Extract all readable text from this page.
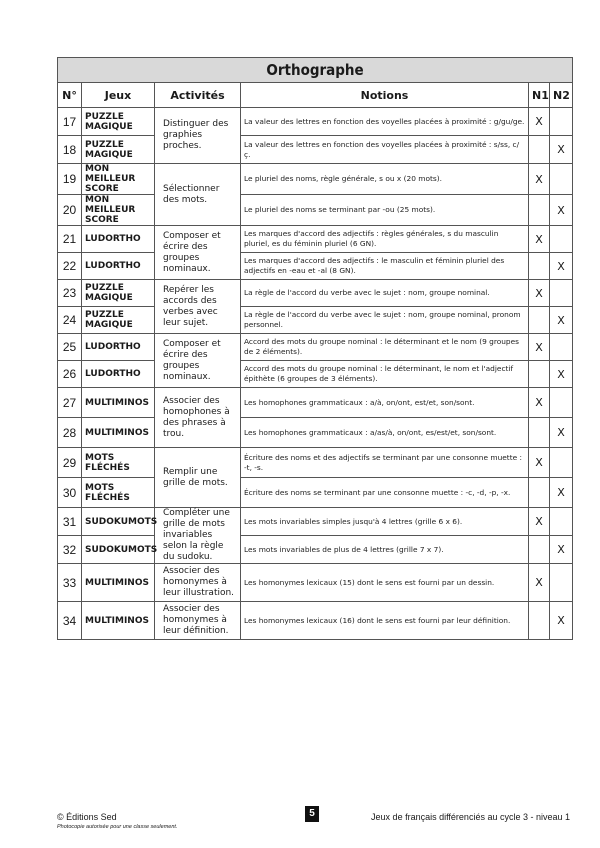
Orthographe					
N°	Jeux	Activités	Notions	N1	N2
17	PUZZLE MAGIQUE	Distinguer des graphies proches.	La valeur des lettres en fonction des voyelles placées à proximité : g/gu/ge.	X	
18	PUZZLE MAGIQUE		La valeur des lettres en fonction des voyelles placées à proximité : s/ss, c/ç.		X
19	MON MEILLEUR SCORE	Sélectionner des mots.	Le pluriel des noms, règle générale, s ou x (20 mots).	X	
20	MON MEILLEUR SCORE		Le pluriel des noms se terminant par -ou (25 mots).		X
21	LUDORTHO	Composer et écrire des groupes nominaux.	Les marques d'accord des adjectifs : règles générales, s du masculin pluriel, es du féminin pluriel (6 GN).	X	
22	LUDORTHO		Les marques d'accord des adjectifs : le masculin et féminin pluriel des adjectifs en -eau et -al (8 GN).		X
23	PUZZLE MAGIQUE	Repérer les accords des verbes avec leur sujet.	La règle de l'accord du verbe avec le sujet : nom, groupe nominal.	X	
24	PUZZLE MAGIQUE		La règle de l'accord du verbe avec le sujet : nom, groupe nominal, pronom personnel.		X
25	LUDORTHO	Composer et écrire des groupes nominaux.	Accord des mots du groupe nominal : le déterminant et le nom (9 groupes de 2 éléments).	X	
26	LUDORTHO		Accord des mots du groupe nominal : le déterminant, le nom et l'adjectif épithète (6 groupes de 3 éléments).		X
27	MULTIMINOS	Associer des homophones à des phrases à trou.	Les homophones grammaticaux : a/à, on/ont, est/et, son/sont.	X	
28	MULTIMINOS		Les homophones grammaticaux : a/as/à, on/ont, es/est/et, son/sont.		X
29	MOTS FLÉCHÉS	Remplir une grille de mots.	Écriture des noms et des adjectifs se terminant par une consonne muette : -t, -s.	X	
30	MOTS FLÉCHÉS		Écriture des noms se terminant par une consonne muette : -c, -d, -p, -x.		X
31	SUDOKUMOTS	Compléter une grille de mots invariables selon la règle du sudoku.	Les mots invariables simples jusqu'à 4 lettres (grille 6 x 6).	X	
32	SUDOKUMOTS		Les mots invariables de plus de 4 lettres (grille 7 x 7).		X
33	MULTIMINOS	Associer des homonymes à leur illustration.	Les homonymes lexicaux (15) dont le sens est fourni par un dessin.	X	
34	MULTIMINOS	Associer des homonymes à leur définition.	Les homonymes lexicaux (16) dont le sens est fourni par leur définition.		X
© Éditions Sed
Photocopie autorisée pour une classe seulement.
5	Jeux de français différenciés au cycle 3 - niveau 1
